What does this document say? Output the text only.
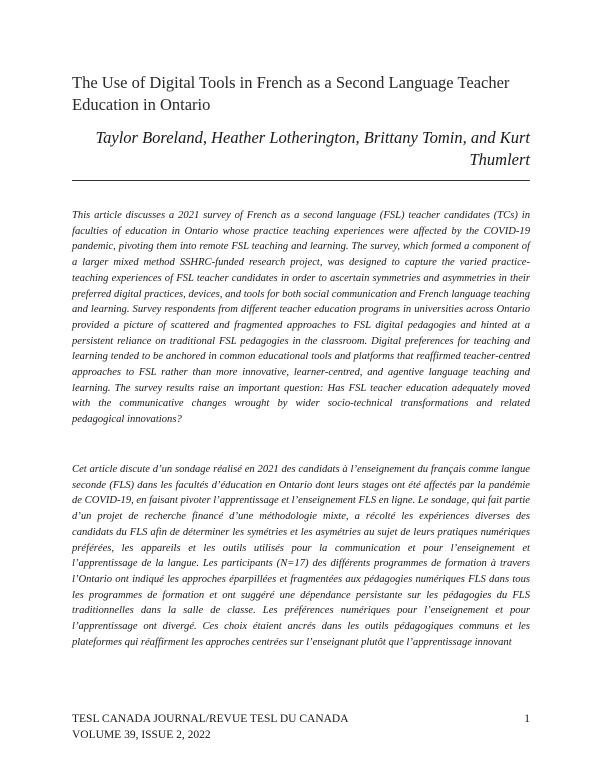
The Use of Digital Tools in French as a Second Language Teacher Education in Ontario
Taylor Boreland, Heather Lotherington, Brittany Tomin, and Kurt Thumlert

This article discusses a 2021 survey of French as a second language (FSL) teacher candidates (TCs) in faculties of education in Ontario whose practice teaching experiences were affected by the COVID-19 pandemic, pivoting them into remote FSL teaching and learning. The survey, which formed a component of a larger mixed method SSHRC-funded research project, was designed to capture the varied practice-teaching experiences of FSL teacher candidates in order to ascertain symmetries and asymmetries in their preferred digital practices, devices, and tools for both social communication and French language teaching and learning. Survey respondents from different teacher education programs in universities across Ontario provided a picture of scattered and fragmented approaches to FSL digital pedagogies and hinted at a persistent reliance on traditional FSL pedagogies in the classroom. Digital preferences for teaching and learning tended to be anchored in common educational tools and platforms that reaffirmed teacher-centred approaches to FSL rather than more innovative, learner-centred, and agentive language teaching and learning. The survey results raise an important question: Has FSL teacher education adequately moved with the communicative changes wrought by wider socio-technical transformations and related pedagogical innovations?

Cet article discute d’un sondage réalisé en 2021 des candidats à l’enseignement du français comme langue seconde (FLS) dans les facultés d’éducation en Ontario dont leurs stages ont été affectés par la pandémie de COVID-19, en faisant pivoter l’apprentissage et l’enseignement FLS en ligne. Le sondage, qui fait partie d’un projet de recherche financé d’une méthodologie mixte, a récolté les expériences diverses des candidats du FLS afin de déterminer les symétries et les asymétries au sujet de leurs pratiques numériques préférées, les appareils et les outils utilisés pour la communication et pour l’enseignement et l’apprentissage de la langue. Les participants (N=17) des différents programmes de formation à travers l’Ontario ont indiqué les approches éparpillées et fragmentées aux pédagogies numériques FLS dans tous les programmes de formation et ont suggéré une dépendance persistante sur les pédagogies du FLS traditionnelles dans la salle de classe. Les préférences numériques pour l’enseignement et pour l’apprentissage ont divergé. Ces choix étaient ancrés dans les outils pédagogiques communs et les plateformes qui réaffirment les approches centrées sur l’enseignant plutôt que l’apprentissage innovant

TESL CANADA JOURNAL/REVUE TESL DU CANADA
VOLUME 39, ISSUE 2, 2022
1
